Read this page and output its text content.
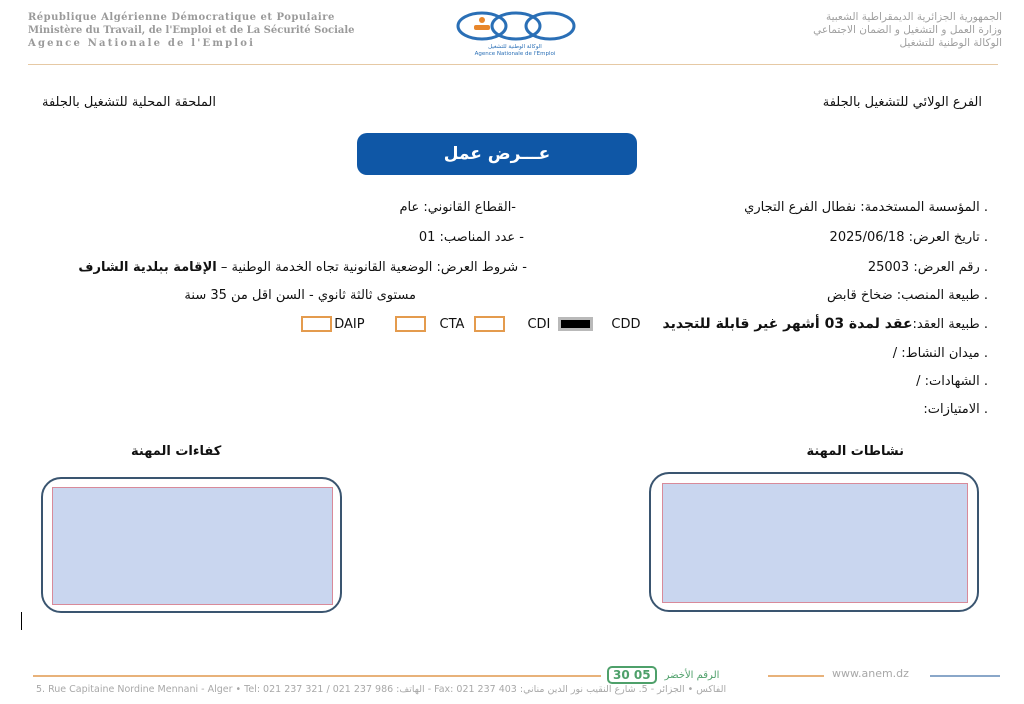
République Algérienne Démocratique et Populaire
Ministère du Travail, de l'Emploi et de La Sécurité Sociale
Agence Nationale de l'Emploi	الوكالة الوطنية للتشغيل
Agence Nationale de l'Emploi
الجمهورية الجزائرية الديمقراطية الشعبية
وزارة العمل و التشغيل و الضمان الاجتماعي
الوكالة الوطنية للتشغيل
الفرع الولائي للتشغيل بالجلفة
الملحقة المحلية للتشغيل بالجلفة
عـــرض عمل
. المؤسسة المستخدمة: نفطال الفرع التجاري
. تاريخ العرض: 2025/06/18
. رقم العرض: 25003
. طبيعة المنصب: ضخاخ قابض
. طبيعة العقد:
عقد لمدة 03 أشهر غير قابلة للتجديد
DAIP	CTA	CDI	CDD
. ميدان النشاط: /
. الشهادات: /
. الامتيازات:
-القطاع القانوني: عام
- عدد المناصب: 01
- شروط العرض: الوضعية القانونية تجاه الخدمة الوطنية – الإقامة ببلدية الشارف
مستوى ثالثة ثانوي - السن اقل من 35 سنة
نشاطات المهنة
كفاءات المهنة
30 05	الرقم الأخضر	www.anem.dz
5. Rue Capitaine Nordine Mennani - Alger • Tel: 021 237 321 / 021 237 986 :الهاتف - Fax: 021 237 403 :الفاكس • الجزائر - 5. شارع النقيب نور الدين مناني
